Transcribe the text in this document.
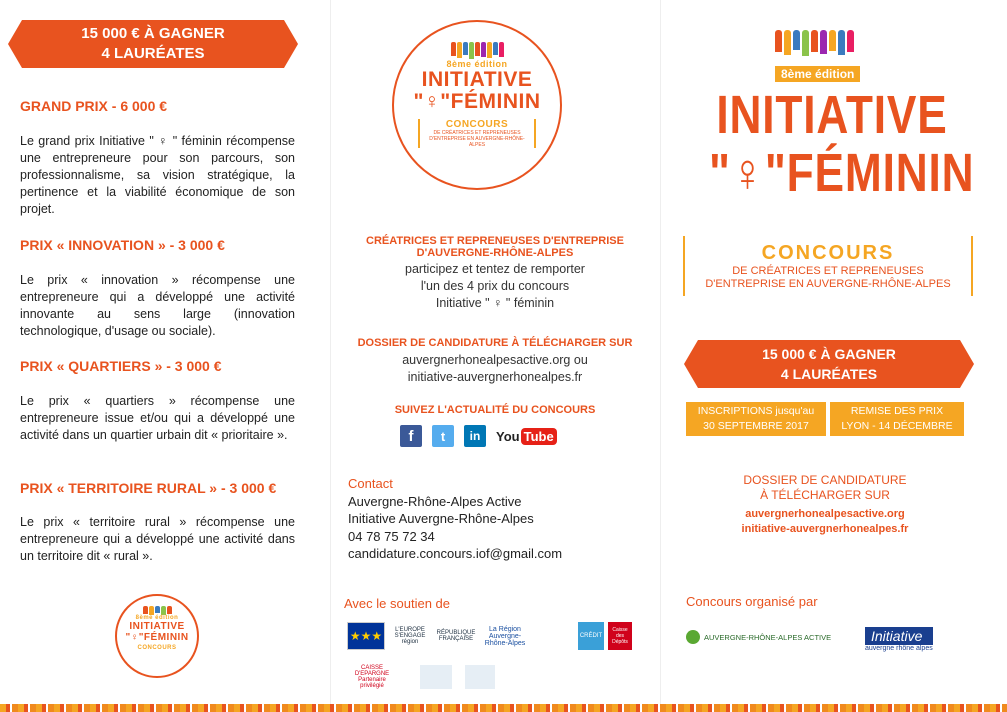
15 000 € À GAGNER
4 LAURÉATES
GRAND PRIX - 6 000 €
Le grand prix Initiative " ♀ " féminin récompense une entrepreneure pour son parcours, son professionnalisme, sa vision stratégique, la pertinence et la viabilité économique de son projet.
PRIX « INNOVATION » - 3 000 €
Le prix « innovation » récompense une entrepreneure qui a développé une activité innovante au sens large (innovation technologique, d'usage ou sociale).
PRIX « QUARTIERS » - 3 000 €
Le prix « quartiers » récompense une entrepreneure issue et/ou qui a développé une activité dans un quartier urbain dit « prioritaire ».
PRIX « TERRITOIRE RURAL » - 3 000 €
Le prix « territoire rural » récompense une entrepreneure qui a développé une activité dans un territoire dit « rural ».
8ème édition
INITIATIVE
"♀"FÉMININ
CONCOURS
8ème édition
INITIATIVE
"♀"FÉMININ
CONCOURS
DE CRÉATRICES ET REPRENEUSES D'ENTREPRISE EN AUVERGNE-RHÔNE-ALPES
CRÉATRICES ET REPRENEUSES D'ENTREPRISE
D'AUVERGNE-RHÔNE-ALPES
participez et tentez de remporter
l'un des 4 prix du concours
Initiative " ♀ " féminin
DOSSIER DE CANDIDATURE À TÉLÉCHARGER SUR
auvergnerhonealpesactive.org ou
initiative-auvergnerhonealpes.fr
SUIVEZ L'ACTUALITÉ DU CONCOURS
f	t	in	You Tube
Contact
Auvergne-Rhône-Alpes Active
Initiative Auvergne-Rhône-Alpes
04 78 75 72 34
candidature.concours.iof@gmail.com
Avec le soutien de
★★★	L'EUROPE S'ENGAGE région
RÉPUBLIQUE FRANÇAISE
La Région Auvergne-Rhône-Alpes
CRÉDIT
Caisse des Dépôts
CAISSE D'EPARGNE Partenaire privilégié
8ème édition
INITIATIVE
"♀"FÉMININ
CONCOURS
DE CRÉATRICES ET REPRENEUSES
D'ENTREPRISE EN AUVERGNE-RHÔNE-ALPES
15 000 € À GAGNER
4 LAURÉATES
INSCRIPTIONS jusqu'au
30 SEPTEMBRE 2017
REMISE DES PRIX
LYON - 14 DÉCEMBRE 2017
DOSSIER DE CANDIDATURE
À TÉLÉCHARGER SUR
auvergnerhonealpesactive.org
initiative-auvergnerhonealpes.fr
Concours organisé par
AUVERGNE-RHÔNE-ALPES ACTIVE	Initiative
auvergne rhône alpes
